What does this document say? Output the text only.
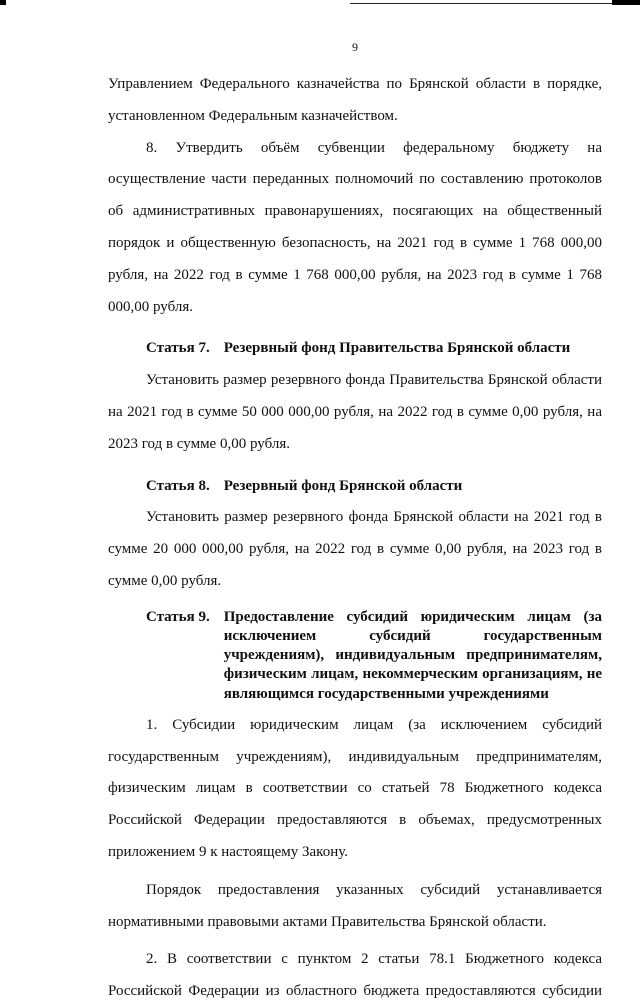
9

Управлением Федерального казначейства по Брянской области в порядке, установленном Федеральным казначейством.

8. Утвердить объём субвенции федеральному бюджету на осуществление части переданных полномочий по составлению протоколов об административных правонарушениях, посягающих на общественный порядок и общественную безопасность, на 2021 год в сумме 1 768 000,00 рубля, на 2022 год в сумме 1 768 000,00 рубля, на 2023 год в сумме 1 768 000,00 рубля.

Статья 7. Резервный фонд Правительства Брянской области

Установить размер резервного фонда Правительства Брянской области на 2021 год в сумме 50 000 000,00 рубля, на 2022 год в сумме 0,00 рубля, на 2023 год в сумме 0,00 рубля.

Статья 8. Резервный фонд Брянской области

Установить размер резервного фонда Брянской области на 2021 год в сумме 20 000 000,00 рубля, на 2022 год в сумме 0,00 рубля, на 2023 год в сумме 0,00 рубля.

Статья 9. Предоставление субсидий юридическим лицам (за исключением субсидий государственным учреждениям), индивидуальным предпринимателям, физическим лицам, некоммерческим организациям, не являющимся государственными учреждениями

1. Субсидии юридическим лицам (за исключением субсидий государственным учреждениям), индивидуальным предпринимателям, физическим лицам в соответствии со статьей 78 Бюджетного кодекса Российской Федерации предоставляются в объемах, предусмотренных приложением 9 к настоящему Закону.

Порядок предоставления указанных субсидий устанавливается нормативными правовыми актами Правительства Брянской области.

2. В соответствии с пунктом 2 статьи 78.1 Бюджетного кодекса Российской Федерации из областного бюджета предоставляются субсидии
